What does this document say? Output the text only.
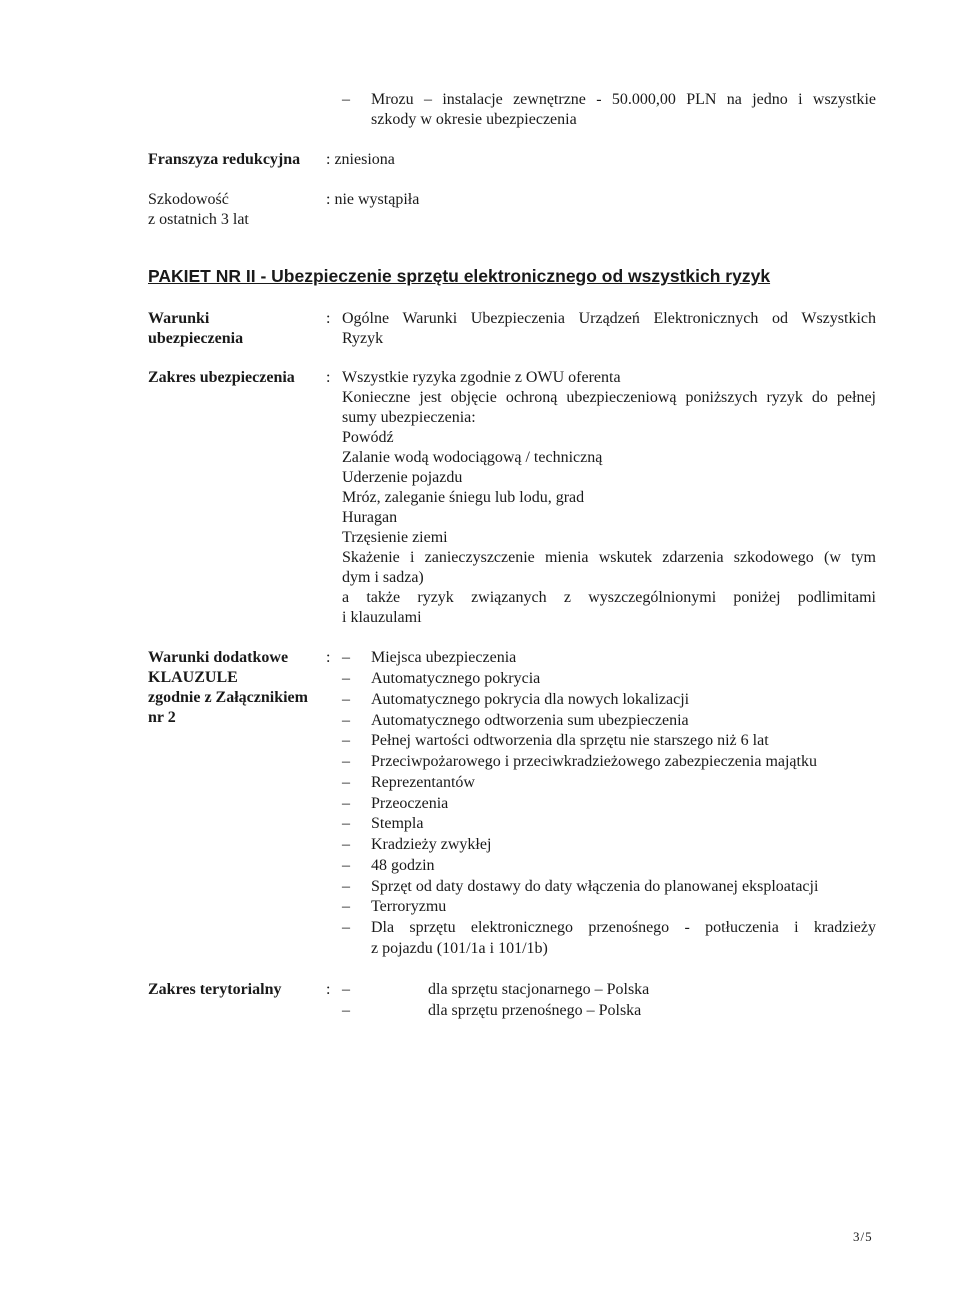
– Mrozu – instalacje zewnętrzne - 50.000,00 PLN na jedno i wszystkie
szkody w okresie ubezpieczenia
Franszyza redukcyjna : zniesiona
Szkodowość
z ostatnich 3 lat
: nie wystąpiła
PAKIET NR II - Ubezpieczenie sprzętu elektronicznego od wszystkich ryzyk
Warunki
ubezpieczenia
: Ogólne Warunki Ubezpieczenia Urządzeń Elektronicznych od Wszystkich
Ryzyk
Zakres ubezpieczenia : Wszystkie ryzyka zgodnie z OWU oferenta
Konieczne jest objęcie ochroną ubezpieczeniową poniższych ryzyk do pełnej
sumy ubezpieczenia:
Powódź
Zalanie wodą wodociągową / techniczną
Uderzenie pojazdu
Mróz, zaleganie śniegu lub lodu, grad
Huragan
Trzęsienie ziemi
Skażenie i zanieczyszczenie mienia wskutek zdarzenia szkodowego (w tym
dym i sadza)
a także ryzyk związanych z wyszczególnionymi poniżej podlimitami
i klauzulami
Warunki dodatkowe
KLAUZULE
zgodnie z Załącznikiem
nr 2
: – Miejsca ubezpieczenia
– Automatycznego pokrycia
– Automatycznego pokrycia dla nowych lokalizacji
– Automatycznego odtworzenia sum ubezpieczenia
– Pełnej wartości odtworzenia dla sprzętu nie starszego niż 6 lat
– Przeciwpożarowego i przeciwkradzieżowego zabezpieczenia majątku
– Reprezentantów
– Przeoczenia
– Stempla
– Kradzieży zwykłej
– 48 godzin
– Sprzęt od daty dostawy do daty włączenia do planowanej eksploatacji
– Terroryzmu
– Dla sprzętu elektronicznego przenośnego - potłuczenia i kradzieży
z pojazdu (101/1a i 101/1b)
Zakres terytorialny	: –	dla sprzętu stacjonarnego – Polska
–	dla sprzętu przenośnego – Polska
3/5
